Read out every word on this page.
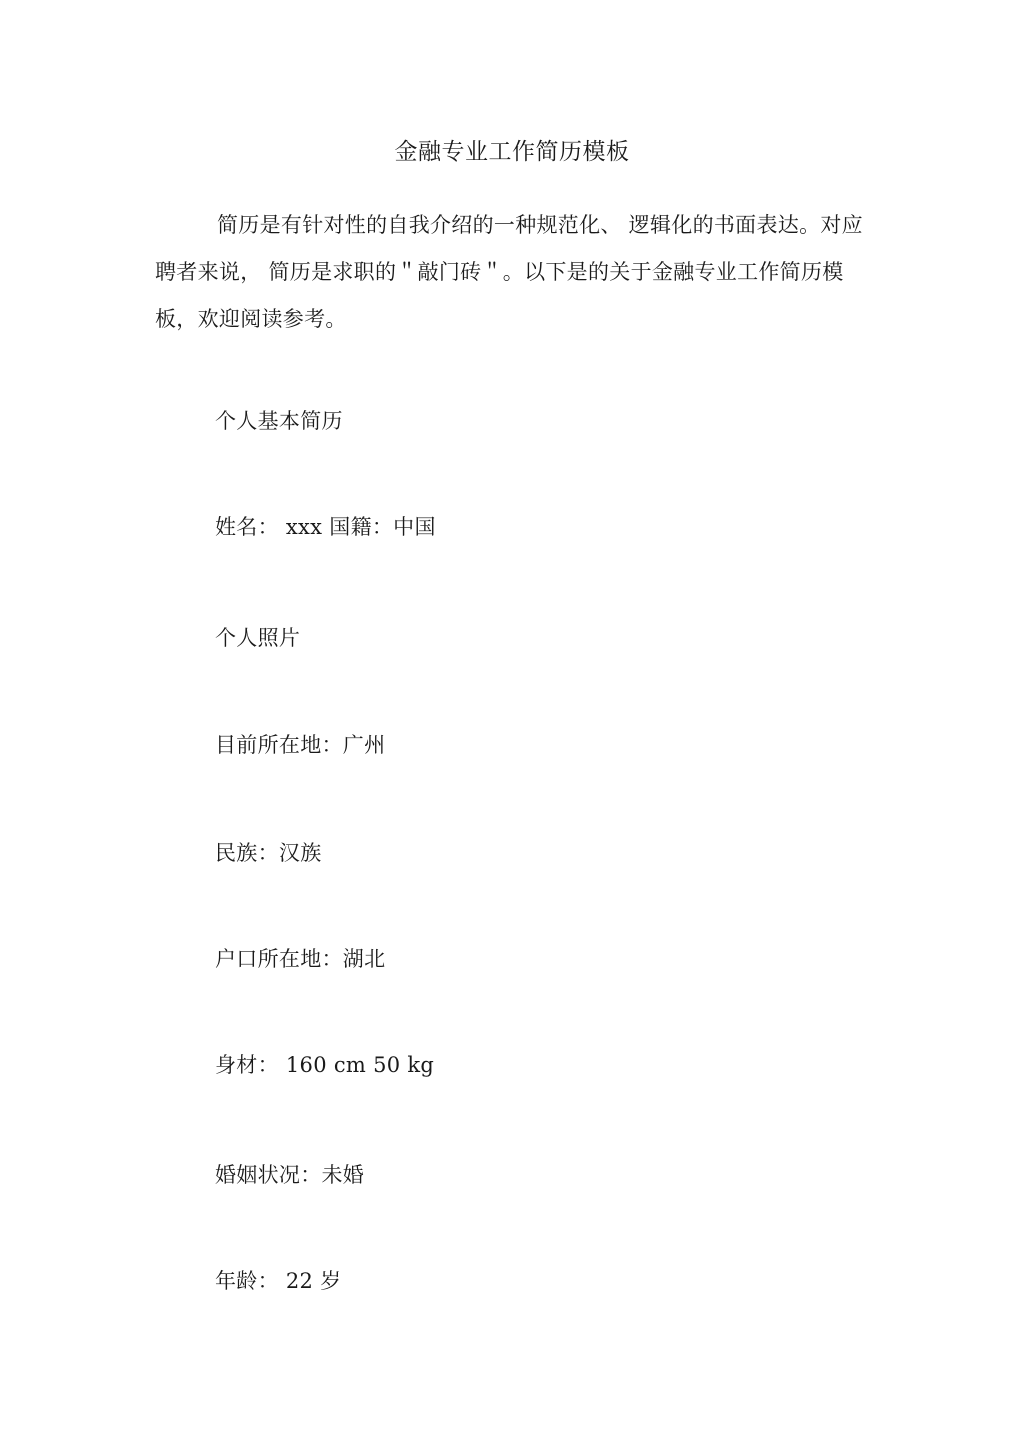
金融专业工作简历模板

简历是有针对性的自我介绍的一种规范化、 逻辑化的书面表达。对应聘者来说， 简历是求职的＂敲门砖＂。以下是的关于金融专业工作简历模板，欢迎阅读参考。

个人基本简历

姓名： xxx 国籍：中国

个人照片

目前所在地：广州

民族：汉族

户口所在地：湖北

身材： 160 cm 50 kg

婚姻状况：未婚

年龄： 22 岁
